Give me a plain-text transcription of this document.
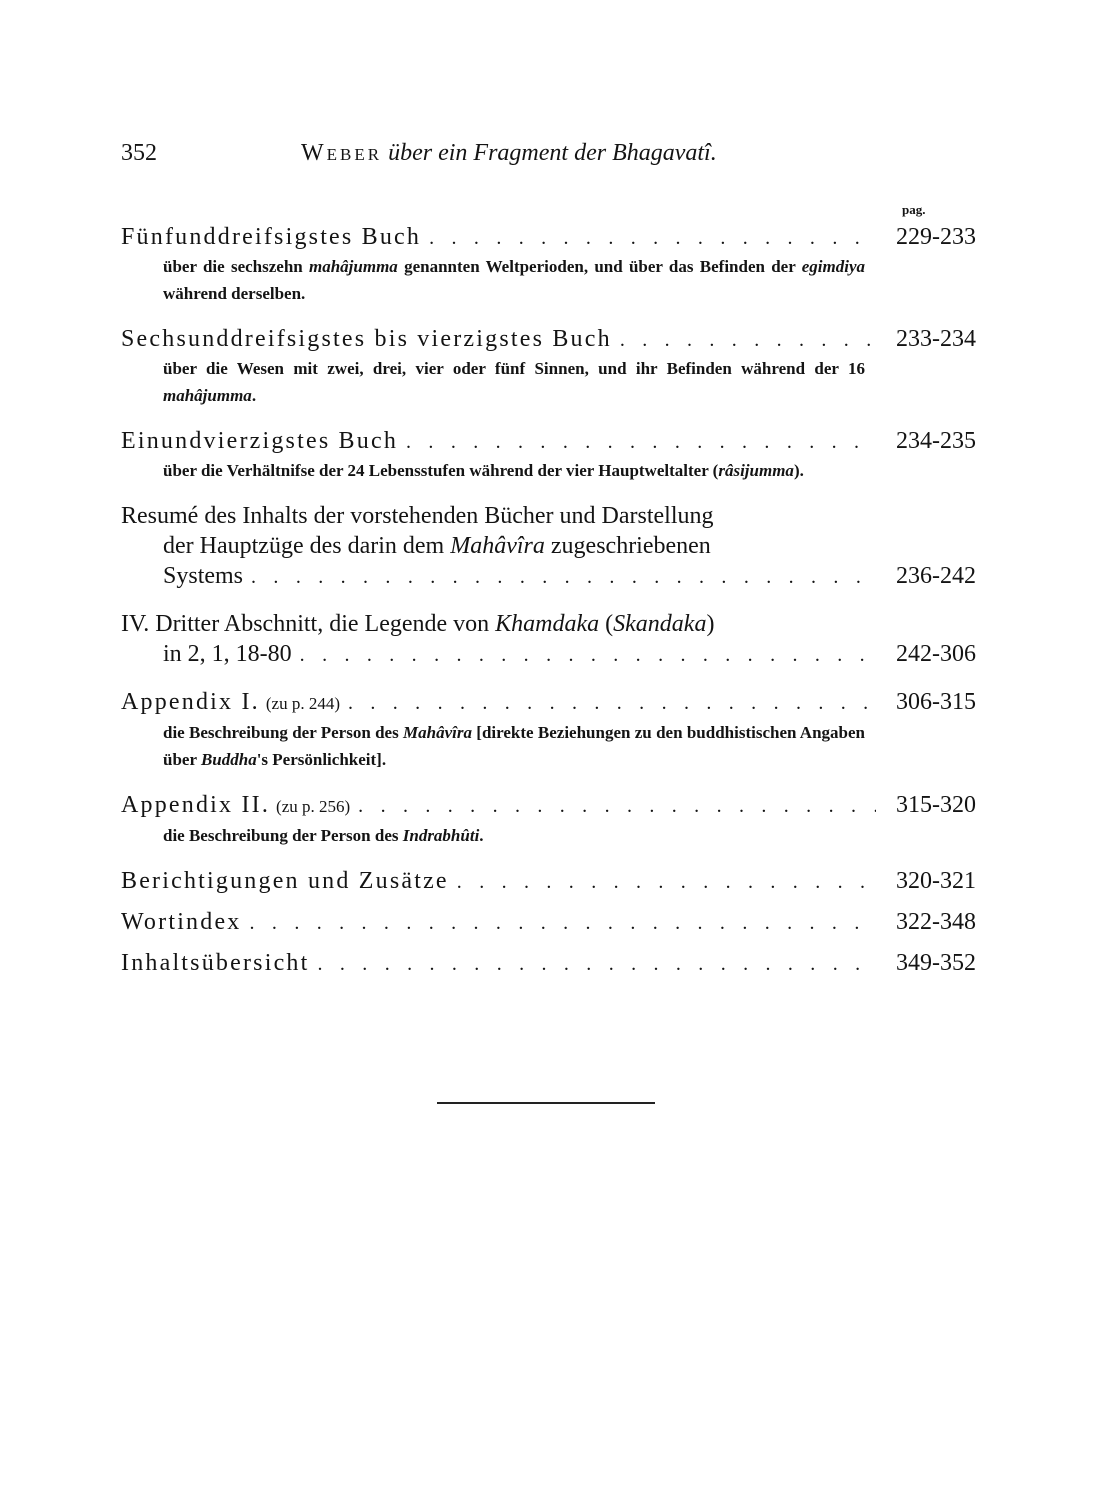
352	Weber über ein Fragment der Bhagavatî.
pag.
Fünfunddreifsigstes Buch . . .	229-233
über die sechszehn mahâjumma genannten Weltperioden, und über das Befinden der egimdiya während derselben.
Sechsunddreifsigstes bis vierzigstes Buch . . .	233-234
über die Wesen mit zwei, drei, vier oder fünf Sinnen, und ihr Befinden während der 16 mahâjumma.
Einundvierzigstes Buch . . .	234-235
über die Verhältnifse der 24 Lebensstufen während der vier Hauptweltalter (râsijumma).
Resumé des Inhalts der vorstehenden Bücher und Darstellung
der Hauptzüge des darin dem Mahâvîra zugeschriebenen
Systems . . .	236-242
IV. Dritter Abschnitt, die Legende von Khamdaka (Skandaka)
in 2, 1, 18-80 . . .	242-306
Appendix I. (zu p. 244) . . .	306-315
die Beschreibung der Person des Mahâvîra [direkte Beziehungen zu den buddhistischen Angaben über Buddha's Persönlichkeit].
Appendix II. (zu p. 256) . . .	315-320
die Beschreibung der Person des Indrabhûti.
Berichtigungen und Zusätze . . .	320-321
Wortindex . . .	322-348
Inhaltsübersicht . . .	349-352
